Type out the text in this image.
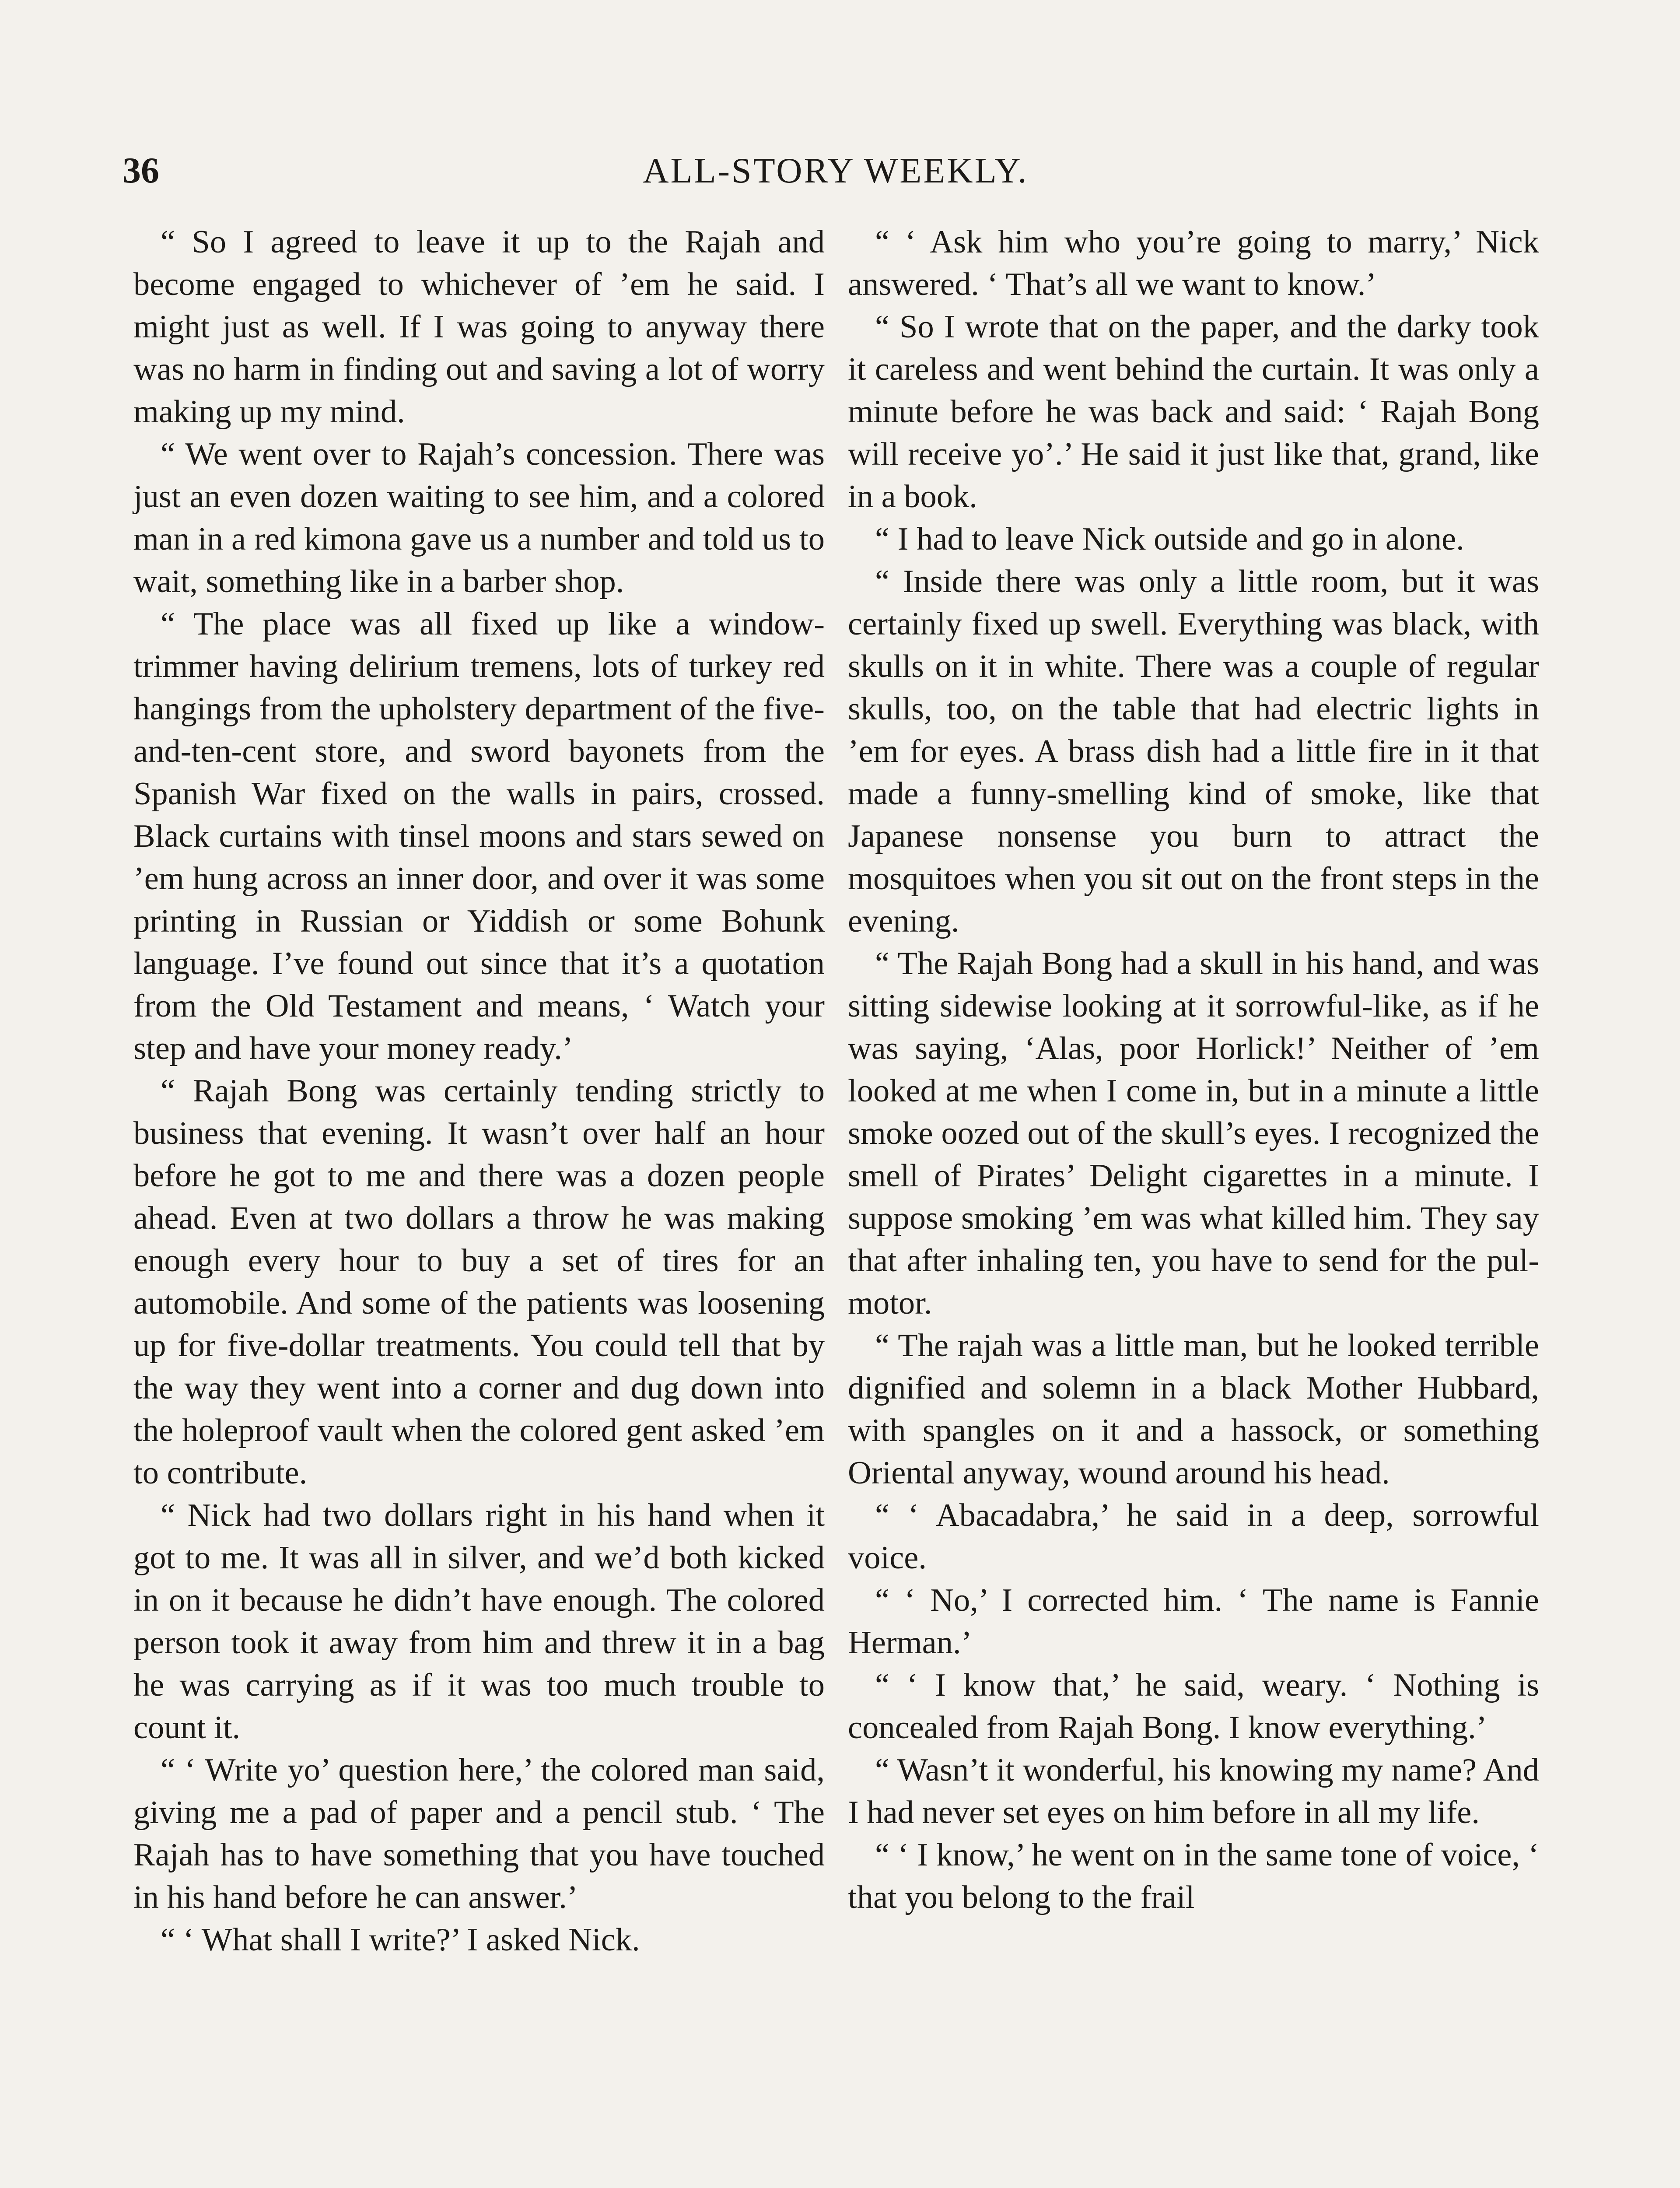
36	ALL-STORY WEEKLY.

“ So I agreed to leave it up to the Rajah and become engaged to whichever of ’em he said. I might just as well. If I was going to anyway there was no harm in finding out and saving a lot of worry making up my mind.

“ We went over to Rajah’s concession. There was just an even dozen waiting to see him, and a colored man in a red kimona gave us a number and told us to wait, something like in a barber shop.

“ The place was all fixed up like a window-trimmer having delirium tremens, lots of turkey red hangings from the upholstery department of the five-and-ten-cent store, and sword bayonets from the Spanish War fixed on the walls in pairs, crossed. Black curtains with tinsel moons and stars sewed on ’em hung across an inner door, and over it was some printing in Russian or Yiddish or some Bohunk language. I’ve found out since that it’s a quotation from the Old Testament and means, ‘ Watch your step and have your money ready.’

“ Rajah Bong was certainly tending strictly to business that evening. It wasn’t over half an hour before he got to me and there was a dozen people ahead. Even at two dollars a throw he was making enough every hour to buy a set of tires for an automobile. And some of the patients was loosening up for five-dollar treatments. You could tell that by the way they went into a corner and dug down into the holeproof vault when the colored gent asked ’em to contribute.

“ Nick had two dollars right in his hand when it got to me. It was all in silver, and we’d both kicked in on it because he didn’t have enough. The colored person took it away from him and threw it in a bag he was carrying as if it was too much trouble to count it.

“ ‘ Write yo’ question here,’ the colored man said, giving me a pad of paper and a pencil stub. ‘ The Rajah has to have something that you have touched in his hand before he can answer.’

“ ‘ What shall I write?’ I asked Nick.

“ ‘ Ask him who you’re going to marry,’ Nick answered. ‘ That’s all we want to know.’

“ So I wrote that on the paper, and the darky took it careless and went behind the curtain. It was only a minute before he was back and said: ‘ Rajah Bong will receive yo’.’ He said it just like that, grand, like in a book.

“ I had to leave Nick outside and go in alone.

“ Inside there was only a little room, but it was certainly fixed up swell. Everything was black, with skulls on it in white. There was a couple of regular skulls, too, on the table that had electric lights in ’em for eyes. A brass dish had a little fire in it that made a funny-smelling kind of smoke, like that Japanese nonsense you burn to attract the mosquitoes when you sit out on the front steps in the evening.

“ The Rajah Bong had a skull in his hand, and was sitting sidewise looking at it sorrowful-like, as if he was saying, ‘Alas, poor Horlick!’ Neither of ’em looked at me when I come in, but in a minute a little smoke oozed out of the skull’s eyes. I recognized the smell of Pirates’ Delight cigarettes in a minute. I suppose smoking ’em was what killed him. They say that after inhaling ten, you have to send for the pulmotor.

“ The rajah was a little man, but he looked terrible dignified and solemn in a black Mother Hubbard, with spangles on it and a hassock, or something Oriental anyway, wound around his head.

“ ‘ Abacadabra,’ he said in a deep, sorrowful voice.

“ ‘ No,’ I corrected him. ‘ The name is Fannie Herman.’

“ ‘ I know that,’ he said, weary. ‘ Nothing is concealed from Rajah Bong. I know everything.’

“ Wasn’t it wonderful, his knowing my name? And I had never set eyes on him before in all my life.

“ ‘ I know,’ he went on in the same tone of voice, ‘ that you belong to the frail
